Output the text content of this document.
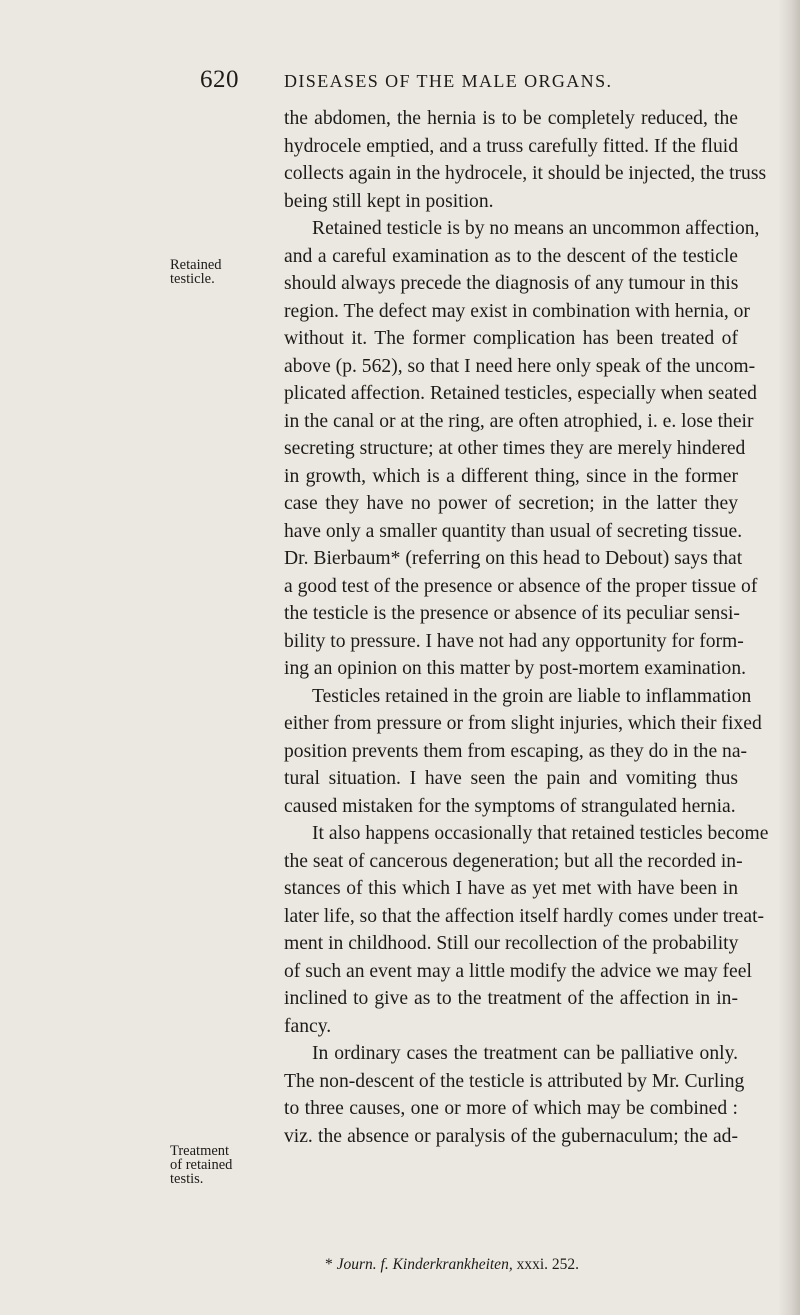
620	DISEASES OF THE MALE ORGANS.
Retained
testicle.
Treatment
of retained
testis.
the abdomen, the hernia is to be completely reduced, the
hydrocele emptied, and a truss carefully fitted. If the fluid
collects again in the hydrocele, it should be injected, the truss
being still kept in position.
Retained testicle is by no means an uncommon affection,
and a careful examination as to the descent of the testicle
should always precede the diagnosis of any tumour in this
region. The defect may exist in combination with hernia, or
without it. The former complication has been treated of
above (p. 562), so that I need here only speak of the uncom-
plicated affection. Retained testicles, especially when seated
in the canal or at the ring, are often atrophied, i. e. lose their
secreting structure; at other times they are merely hindered
in growth, which is a different thing, since in the former
case they have no power of secretion; in the latter they
have only a smaller quantity than usual of secreting tissue.
Dr. Bierbaum* (referring on this head to Debout) says that
a good test of the presence or absence of the proper tissue of
the testicle is the presence or absence of its peculiar sensi-
bility to pressure. I have not had any opportunity for form-
ing an opinion on this matter by post-mortem examination.
Testicles retained in the groin are liable to inflammation
either from pressure or from slight injuries, which their fixed
position prevents them from escaping, as they do in the na-
tural situation. I have seen the pain and vomiting thus
caused mistaken for the symptoms of strangulated hernia.
It also happens occasionally that retained testicles become
the seat of cancerous degeneration; but all the recorded in-
stances of this which I have as yet met with have been in
later life, so that the affection itself hardly comes under treat-
ment in childhood. Still our recollection of the probability
of such an event may a little modify the advice we may feel
inclined to give as to the treatment of the affection in in-
fancy.
In ordinary cases the treatment can be palliative only.
The non-descent of the testicle is attributed by Mr. Curling
to three causes, one or more of which may be combined :
viz. the absence or paralysis of the gubernaculum; the ad-
* Journ. f. Kinderkrankheiten, xxxi. 252.
